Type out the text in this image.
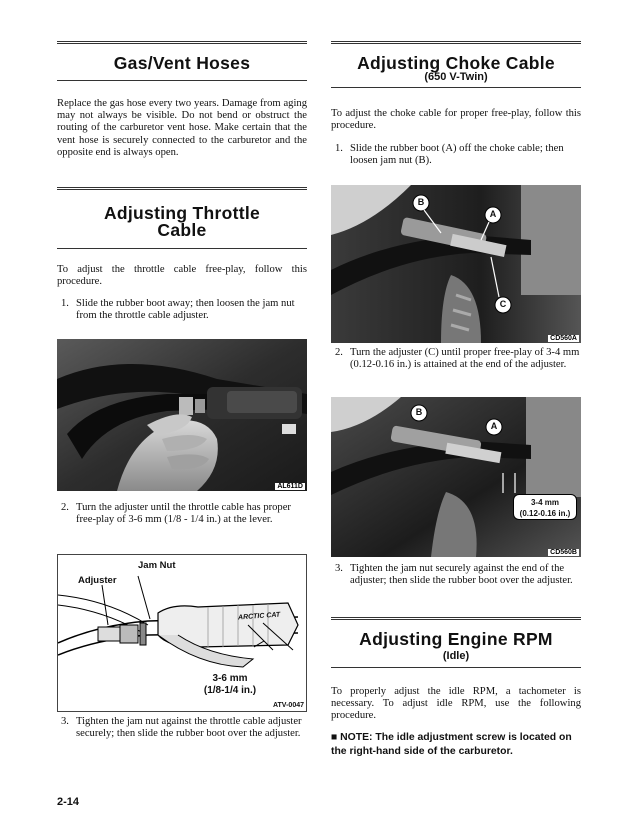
Gas/Vent Hoses
Replace the gas hose every two years. Damage from aging may not always be visible. Do not bend or obstruct the routing of the carburetor vent hose. Make certain that the vent hose is securely connected to the carburetor and the opposite end is always open.
Adjusting Throttle
Cable
To adjust the throttle cable free-play, follow this procedure.
1. Slide the rubber boot away; then loosen the jam nut from the throttle cable adjuster.
AL611D
2. Turn the adjuster until the throttle cable has proper free-play of 3-6 mm (1/8 - 1/4 in.) at the lever.
Jam Nut
Adjuster
ARCTIC CAT
3-6 mm
(1/8-1/4 in.)
ATV-0047
3. Tighten the jam nut against the throttle cable adjuster securely; then slide the rubber boot over the adjuster.
Adjusting Choke Cable
(650 V-Twin)
To adjust the choke cable for proper free-play, follow this procedure.
1. Slide the rubber boot (A) off the choke cable; then loosen jam nut (B).
B
A
C
CD560A
2. Turn the adjuster (C) until proper free-play of 3-4 mm (0.12-0.16 in.) is attained at the end of the adjuster.
B
A
3-4 mm
(0.12-0.16 in.)
CD560B
3. Tighten the jam nut securely against the end of the adjuster; then slide the rubber boot over the adjuster.
Adjusting Engine RPM
(Idle)
To properly adjust the idle RPM, a tachometer is necessary. To adjust idle RPM, use the following procedure.
■ NOTE: The idle adjustment screw is located on the right-hand side of the carburetor.
2-14
